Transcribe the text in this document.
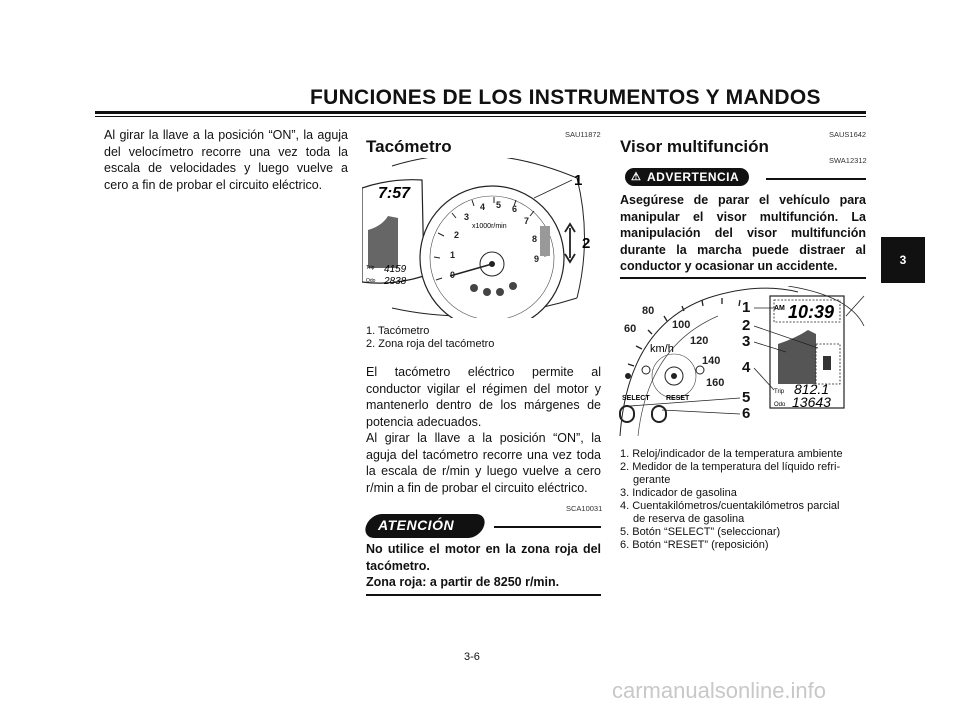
FUNCIONES DE LOS INSTRUMENTOS Y MANDOS
3
Al girar la llave a la posición “ON”, la aguja del velocímetro recorre una vez toda la escala de velocidades y luego vuelve a cero a fin de probar el circuito eléctrico.
SAU11872
Tacómetro
7:57
Trip 4159
Odo 2838
1
2
3
4 5 6
7
8
9
x1000r/min
1
2
1. Tacómetro
2. Zona roja del tacómetro
El tacómetro eléctrico permite al conductor vigilar el régimen del motor y mantenerlo dentro de los márgenes de potencia adecuados.
Al girar la llave a la posición “ON”, la aguja del tacómetro recorre una vez toda la escala de r/min y luego vuelve a cero r/min a fin de probar el circuito eléctrico.
SCA10031
ATENCIÓN
No utilice el motor en la zona roja del tacómetro.
Zona roja: a partir de 8250 r/min.
SAUS1642
Visor multifunción
SWA12312
⚠ ADVERTENCIA
Asegúrese de parar el vehículo para manipular el visor multifunción. La manipulación del visor multifunción durante la marcha puede distraer al conductor y ocasionar un accidente.
60
80
100
120
140
160
km/h
SELECT RESET
AM 10:39
Trip 812.1
Odo 13643
1
2
3
4
5
6
1. Reloj/indicador de la temperatura ambiente
2. Medidor de la temperatura del líquido refri-
gerante
3. Indicador de gasolina
4. Cuentakilómetros/cuentakilómetros parcial
de reserva de gasolina
5. Botón “SELECT” (seleccionar)
6. Botón “RESET” (reposición)
3-6
carmanualsonline.info
